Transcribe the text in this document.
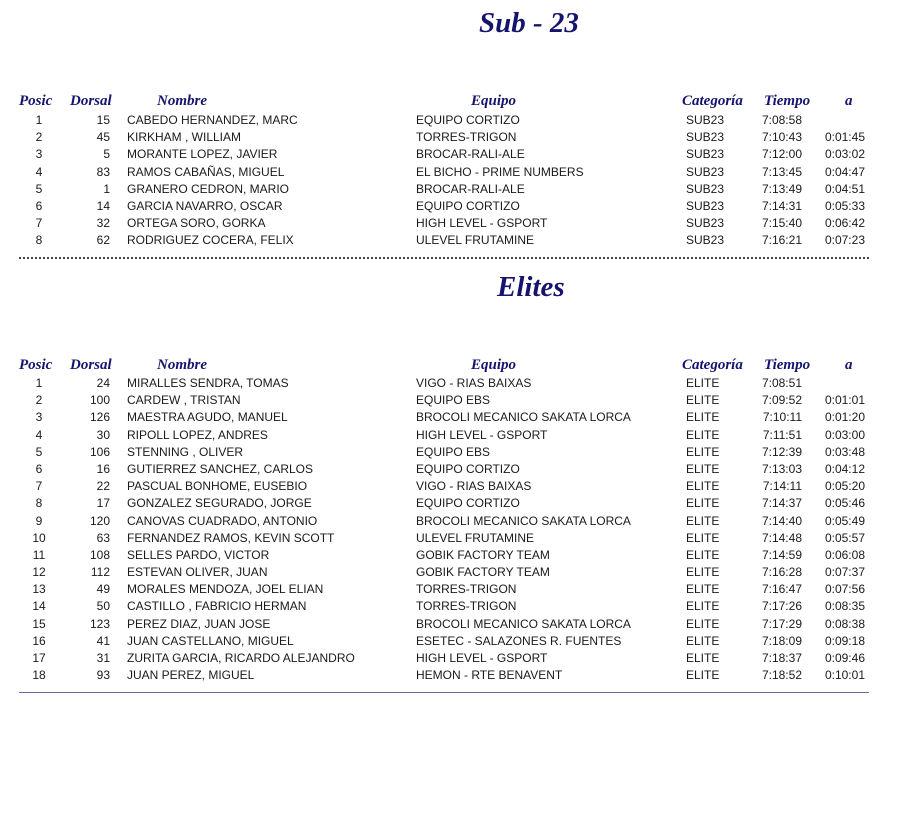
Sub - 23
Posic Dorsal	Nombre	Equipo	Categoría Tiempo a
1	15 CABEDO HERNANDEZ, MARC	EQUIPO CORTIZO	SUB23	7:08:58
2	45 KIRKHAM , WILLIAM	TORRES-TRIGON	SUB23	7:10:43	0:01:45
3	5 MORANTE LOPEZ, JAVIER	BROCAR-RALI-ALE	SUB23	7:12:00	0:03:02
4	83 RAMOS CABAÑAS, MIGUEL	EL BICHO - PRIME NUMBERS	SUB23	7:13:45	0:04:47
5	1 GRANERO CEDRON, MARIO	BROCAR-RALI-ALE	SUB23	7:13:49	0:04:51
6	14 GARCIA NAVARRO, OSCAR	EQUIPO CORTIZO	SUB23	7:14:31	0:05:33
7	32 ORTEGA SORO, GORKA	HIGH LEVEL - GSPORT	SUB23	7:15:40	0:06:42
8	62 RODRIGUEZ COCERA, FELIX	ULEVEL FRUTAMINE	SUB23	7:16:21	0:07:23
Elites
Posic Dorsal	Nombre	Equipo	Categoría Tiempo a
1	24 MIRALLES SENDRA, TOMAS	VIGO - RIAS BAIXAS	ELITE	7:08:51
2	100 CARDEW , TRISTAN	EQUIPO EBS	ELITE	7:09:52	0:01:01
3	126 MAESTRA AGUDO, MANUEL	BROCOLI MECANICO SAKATA LORCA	ELITE	7:10:11	0:01:20
4	30 RIPOLL LOPEZ, ANDRES	HIGH LEVEL - GSPORT	ELITE	7:11:51	0:03:00
5	106 STENNING , OLIVER	EQUIPO EBS	ELITE	7:12:39	0:03:48
6	16 GUTIERREZ SANCHEZ, CARLOS	EQUIPO CORTIZO	ELITE	7:13:03	0:04:12
7	22 PASCUAL BONHOME, EUSEBIO	VIGO - RIAS BAIXAS	ELITE	7:14:11	0:05:20
8	17 GONZALEZ SEGURADO, JORGE	EQUIPO CORTIZO	ELITE	7:14:37	0:05:46
9	120 CANOVAS CUADRADO, ANTONIO	BROCOLI MECANICO SAKATA LORCA	ELITE	7:14:40	0:05:49
10	63 FERNANDEZ RAMOS, KEVIN SCOTT	ULEVEL FRUTAMINE	ELITE	7:14:48	0:05:57
11	108 SELLES PARDO, VICTOR	GOBIK FACTORY TEAM	ELITE	7:14:59	0:06:08
12	112 ESTEVAN OLIVER, JUAN	GOBIK FACTORY TEAM	ELITE	7:16:28	0:07:37
13	49 MORALES MENDOZA, JOEL ELIAN	TORRES-TRIGON	ELITE	7:16:47	0:07:56
14	50 CASTILLO , FABRICIO HERMAN	TORRES-TRIGON	ELITE	7:17:26	0:08:35
15	123 PEREZ DIAZ, JUAN JOSE	BROCOLI MECANICO SAKATA LORCA	ELITE	7:17:29	0:08:38
16	41 JUAN CASTELLANO, MIGUEL	ESETEC - SALAZONES R. FUENTES	ELITE	7:18:09	0:09:18
17	31 ZURITA GARCIA, RICARDO ALEJANDRO	HIGH LEVEL - GSPORT	ELITE	7:18:37	0:09:46
18	93 JUAN PEREZ, MIGUEL	HEMON - RTE BENAVENT	ELITE	7:18:52	0:10:01
